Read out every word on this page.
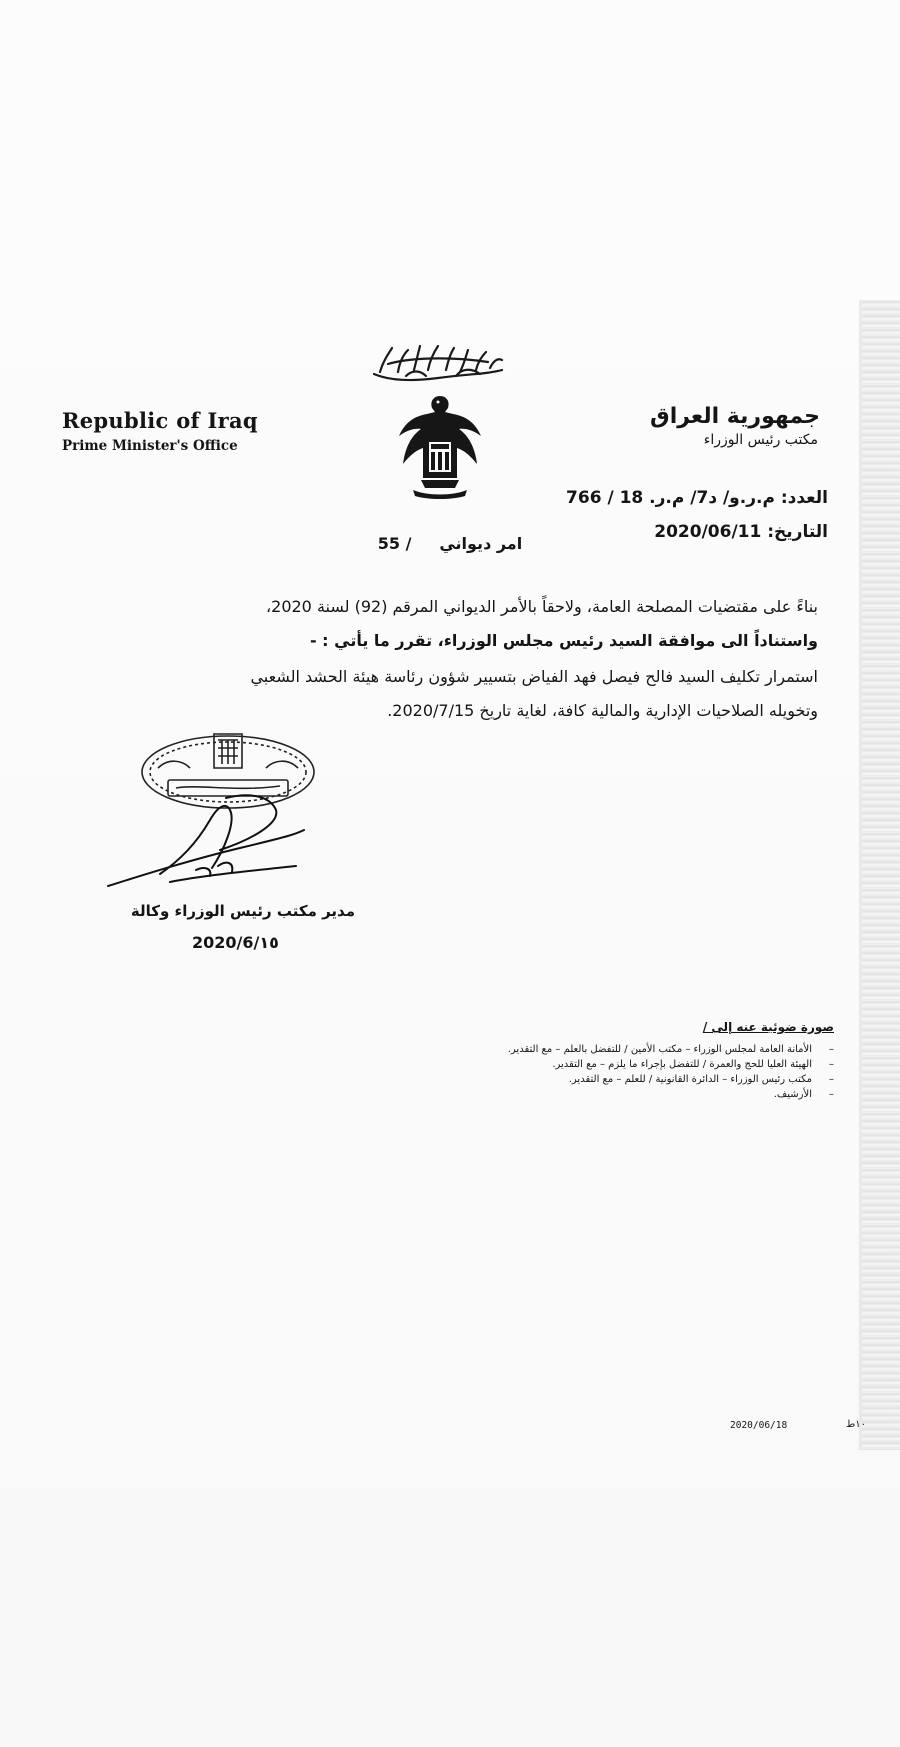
Republic of Iraq
Prime Minister's Office
جمهورية العراق
مكتب رئيس الوزراء
العدد: م.ر.و/ د7/ م.ر. 18 / 766
التاريخ: 2020/06/11
امر ديواني     / 55
بناءً على مقتضيات المصلحة العامة، ولاحقاً بالأمر الديواني المرقم (92) لسنة 2020،
واستناداً الى موافقة السيد رئيس مجلس الوزراء، تقرر ما يأتي : -
استمرار تكليف السيد فالح فيصل فهد الفياض بتسيير شؤون رئاسة هيئة الحشد الشعبي
وتخويله الصلاحيات الإدارية والمالية كافة، لغاية تاريخ 2020/7/15.
مدير مكتب رئيس الوزراء وكالة
2020/6/١٥
صورة ضوئية عنه إلى /
– الأمانة العامة لمجلس الوزراء – مكتب الأمين / للتفضل بالعلم – مع التقدير.
– الهيئة العليا للحج والعمرة / للتفضل بإجراء ما يلزم – مع التقدير.
– مكتب رئيس الوزراء – الدائرة القانونية / للعلم – مع التقدير.
– الأرشيف.
2020/06/18	١٠ط
